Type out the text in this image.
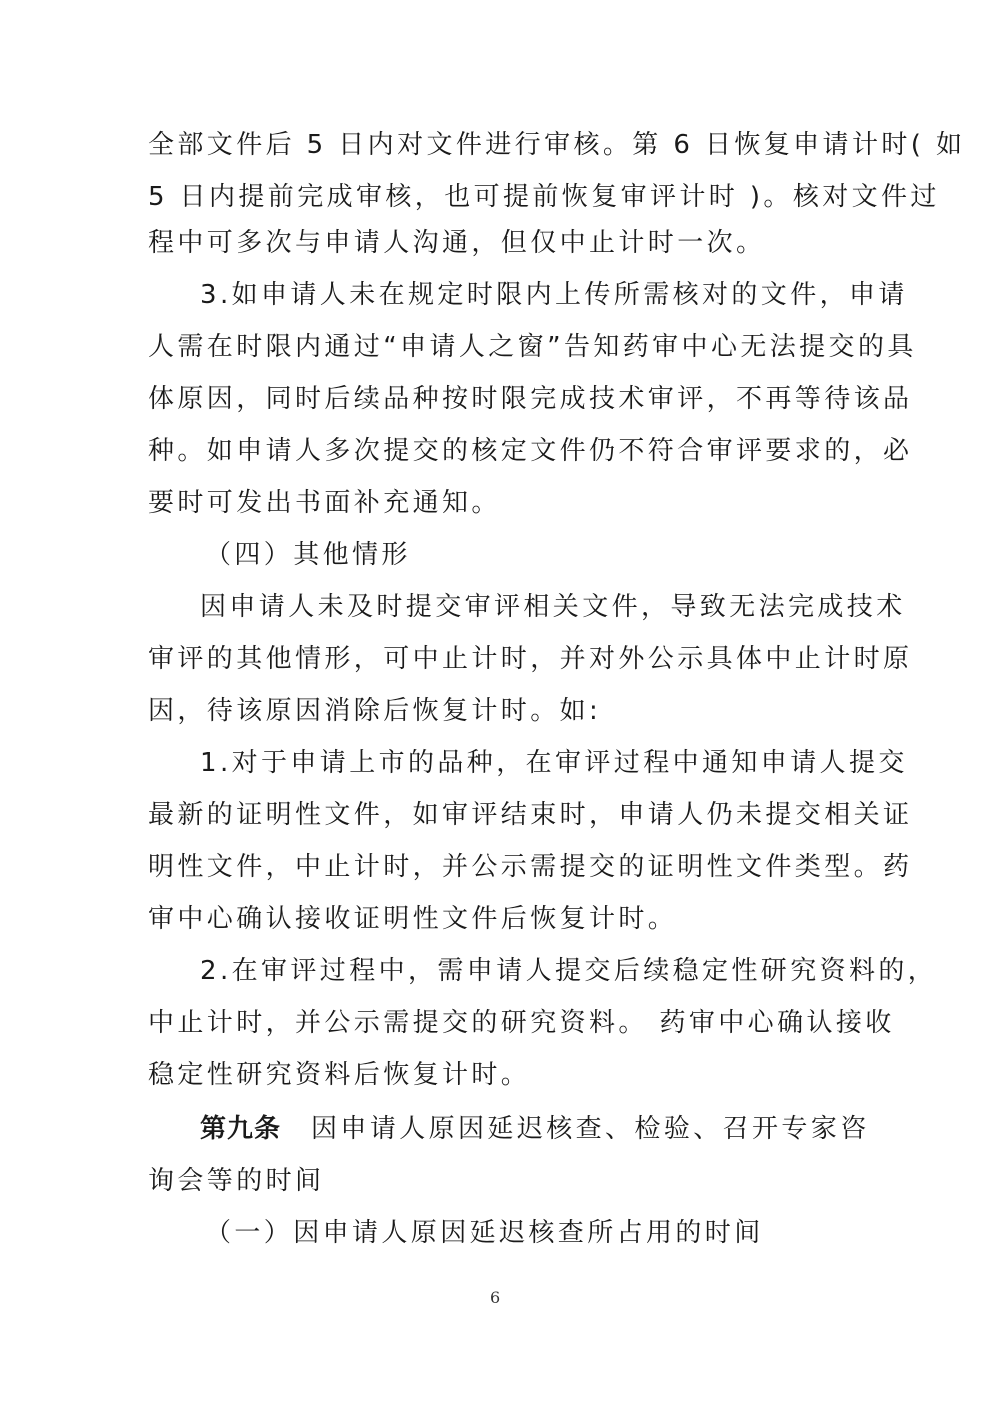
全部文件后 5 日内对文件进行审核。第 6 日恢复申请计时( 如
5 日内提前完成审核，也可提前恢复审评计时 )。核对文件过
程中可多次与申请人沟通，但仅中止计时一次。
3.如申请人未在规定时限内上传所需核对的文件，申请
人需在时限内通过“申请人之窗”告知药审中心无法提交的具
体原因，同时后续品种按时限完成技术审评，不再等待该品
种。如申请人多次提交的核定文件仍不符合审评要求的，必
要时可发出书面补充通知。
（四）其他情形
因申请人未及时提交审评相关文件，导致无法完成技术
审评的其他情形，可中止计时，并对外公示具体中止计时原
因，待该原因消除后恢复计时。如:
1.对于申请上市的品种，在审评过程中通知申请人提交
最新的证明性文件，如审评结束时，申请人仍未提交相关证
明性文件，中止计时，并公示需提交的证明性文件类型。药
审中心确认接收证明性文件后恢复计时。
2.在审评过程中，需申请人提交后续稳定性研究资料的，
中止计时，并公示需提交的研究资料。 药审中心确认接收
稳定性研究资料后恢复计时。
第九条 因申请人原因延迟核查、检验、召开专家咨
询会等的时间
（一）因申请人原因延迟核查所占用的时间
6
